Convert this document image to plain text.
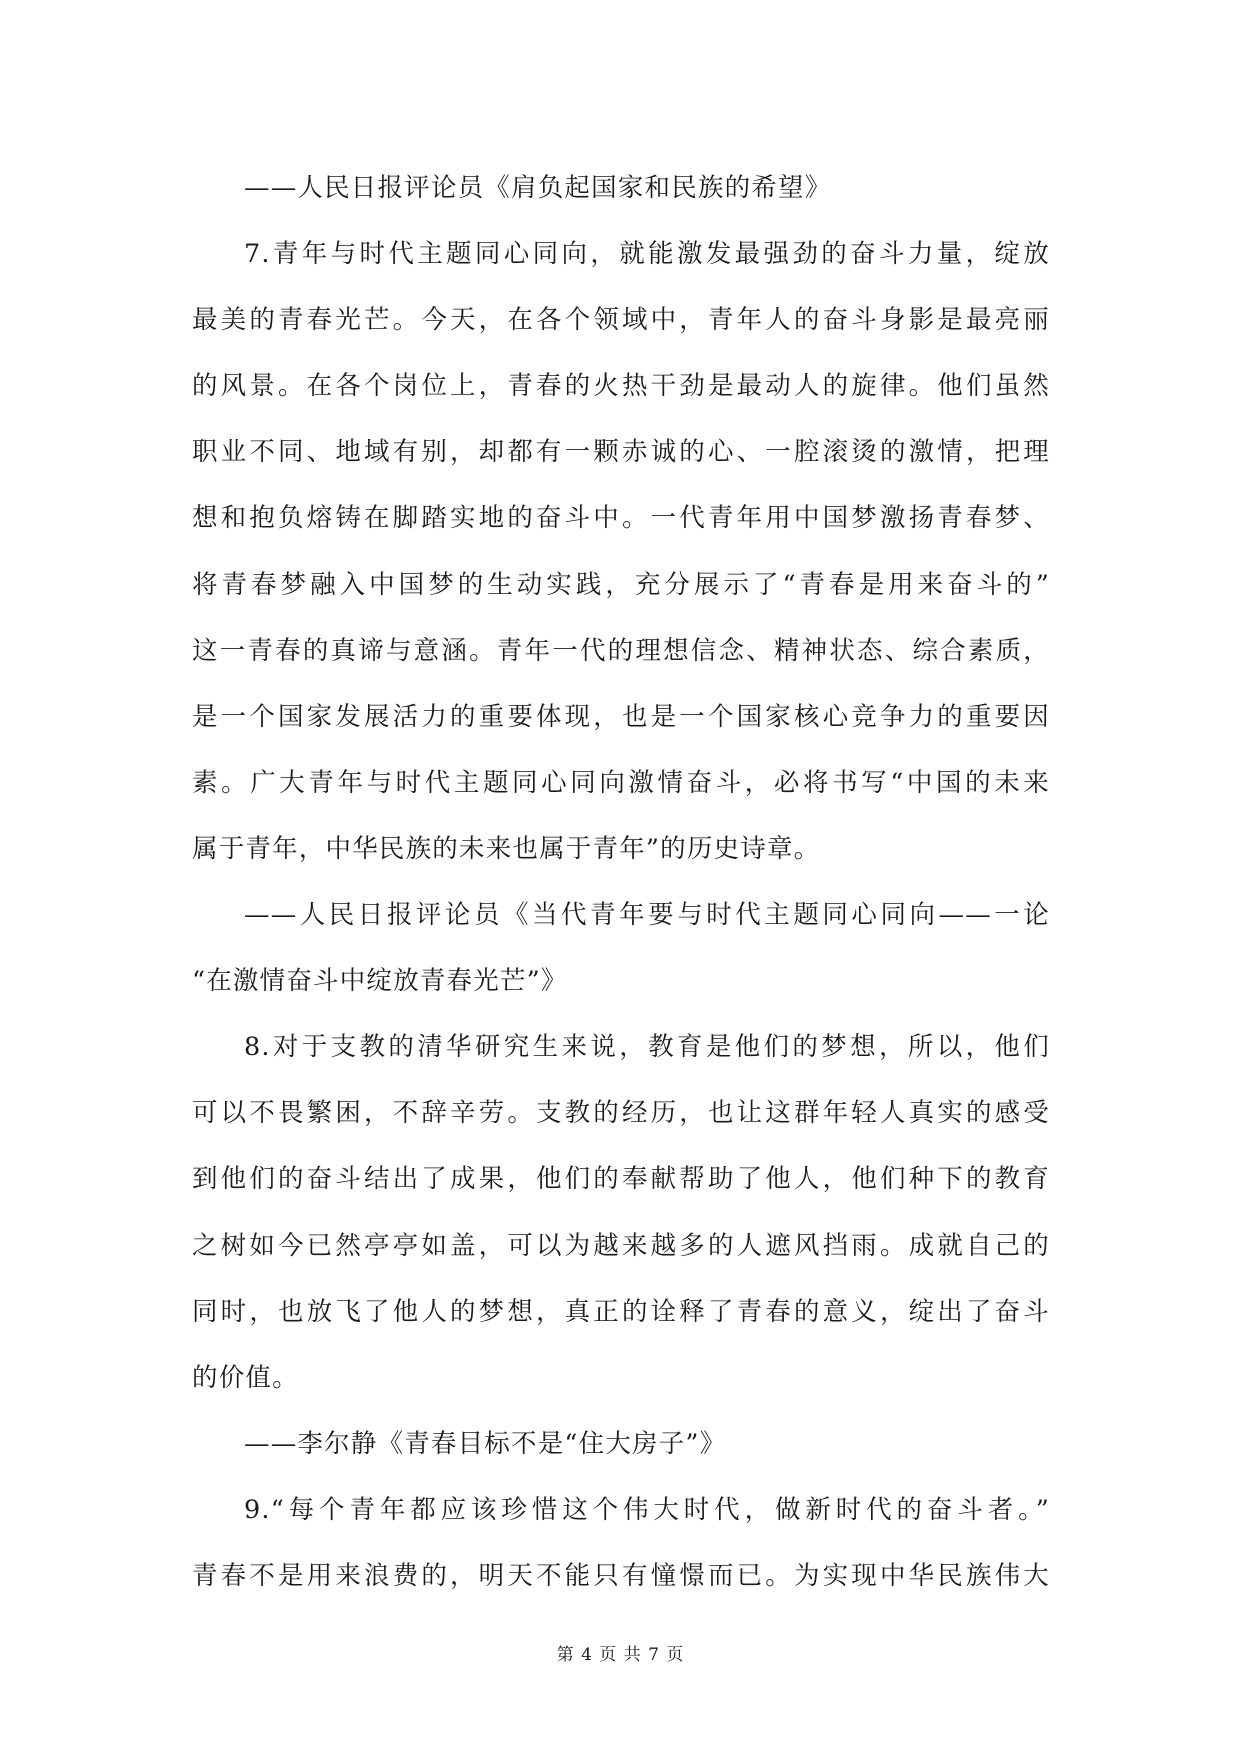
——人民日报评论员《肩负起国家和民族的希望》
7.青年与时代主题同心同向，就能激发最强劲的奋斗力量，绽放
最美的青春光芒。今天，在各个领域中，青年人的奋斗身影是最亮丽
的风景。在各个岗位上，青春的火热干劲是最动人的旋律。他们虽然
职业不同、地域有别，却都有一颗赤诚的心、一腔滚烫的激情，把理
想和抱负熔铸在脚踏实地的奋斗中。一代青年用中国梦激扬青春梦、
将青春梦融入中国梦的生动实践，充分展示了“青春是用来奋斗的”
这一青春的真谛与意涵。青年一代的理想信念、精神状态、综合素质，
是一个国家发展活力的重要体现，也是一个国家核心竞争力的重要因
素。广大青年与时代主题同心同向激情奋斗，必将书写“中国的未来
属于青年，中华民族的未来也属于青年”的历史诗章。
——人民日报评论员《当代青年要与时代主题同心同向——一论
“在激情奋斗中绽放青春光芒”》
8.对于支教的清华研究生来说，教育是他们的梦想，所以，他们
可以不畏繁困，不辞辛劳。支教的经历，也让这群年轻人真实的感受
到他们的奋斗结出了成果，他们的奉献帮助了他人，他们种下的教育
之树如今已然亭亭如盖，可以为越来越多的人遮风挡雨。成就自己的
同时，也放飞了他人的梦想，真正的诠释了青春的意义，绽出了奋斗
的价值。
——李尔静《青春目标不是“住大房子”》
9.“每个青年都应该珍惜这个伟大时代，做新时代的奋斗者。”
青春不是用来浪费的，明天不能只有憧憬而已。为实现中华民族伟大
第 4 页 共 7 页
